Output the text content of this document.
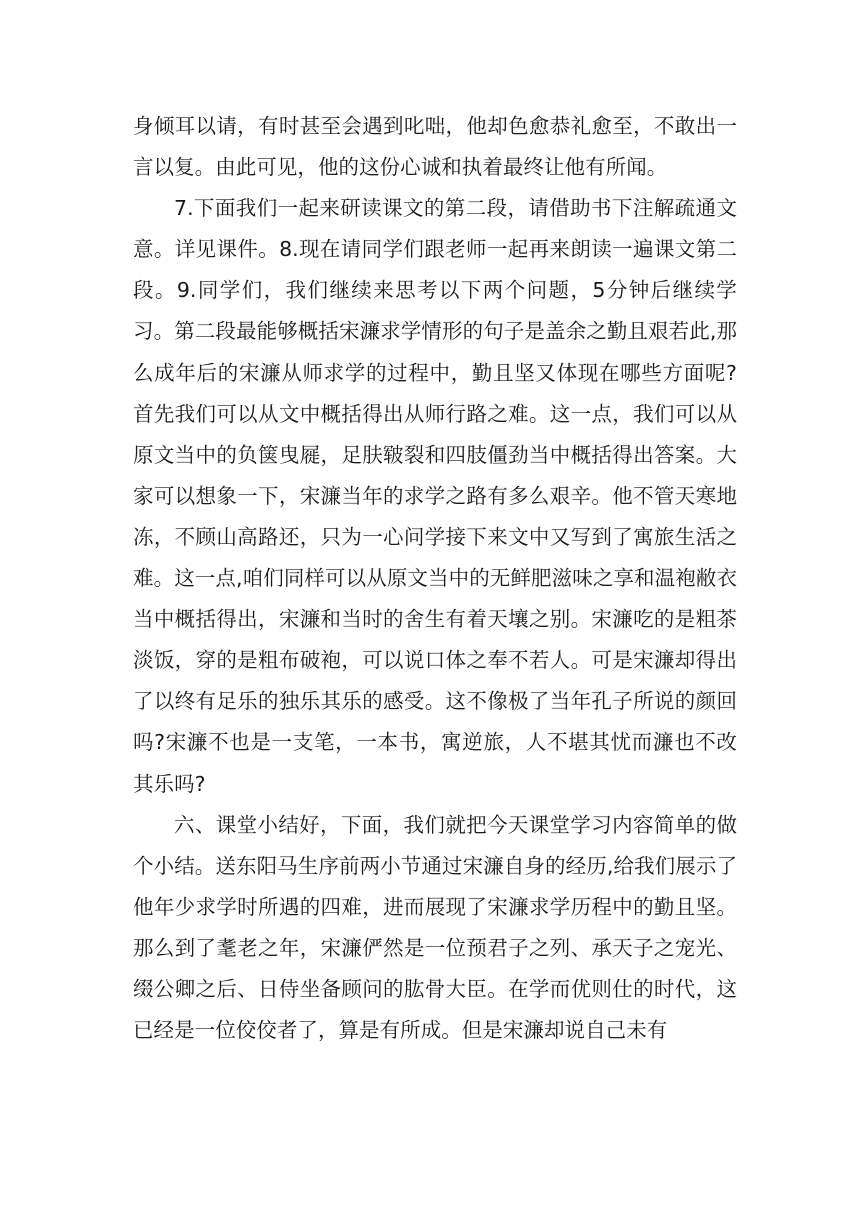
身倾耳以请，有时甚至会遇到叱咄，他却色愈恭礼愈至，不敢出一言以复。由此可见，他的这份心诚和执着最终让他有所闻。

7.下面我们一起来研读课文的第二段，请借助书下注解疏通文意。详见课件。8.现在请同学们跟老师一起再来朗读一遍课文第二段。9.同学们，我们继续来思考以下两个问题，5分钟后继续学习。第二段最能够概括宋濂求学情形的句子是盖余之勤且艰若此,那么成年后的宋濂从师求学的过程中，勤且坚又体现在哪些方面呢?首先我们可以从文中概括得出从师行路之难。这一点，我们可以从原文当中的负箧曳屣，足肤皲裂和四肢僵劲当中概括得出答案。大家可以想象一下，宋濂当年的求学之路有多么艰辛。他不管天寒地冻，不顾山高路还，只为一心问学接下来文中又写到了寓旅生活之难。这一点,咱们同样可以从原文当中的无鲜肥滋味之享和温袍敝衣当中概括得出，宋濂和当时的舍生有着天壤之别。宋濂吃的是粗茶淡饭，穿的是粗布破袍，可以说口体之奉不若人。可是宋濂却得出了以终有足乐的独乐其乐的感受。这不像极了当年孔子所说的颜回吗?宋濂不也是一支笔，一本书，寓逆旅，人不堪其忧而濂也不改其乐吗?

六、课堂小结好，下面，我们就把今天课堂学习内容简单的做个小结。送东阳马生序前两小节通过宋濂自身的经历,给我们展示了他年少求学时所遇的四难，进而展现了宋濂求学历程中的勤且坚。那么到了耄老之年，宋濂俨然是一位预君子之列、承天子之宠光、缀公卿之后、日侍坐备顾问的肱骨大臣。在学而优则仕的时代，这已经是一位佼佼者了，算是有所成。但是宋濂却说自己未有
